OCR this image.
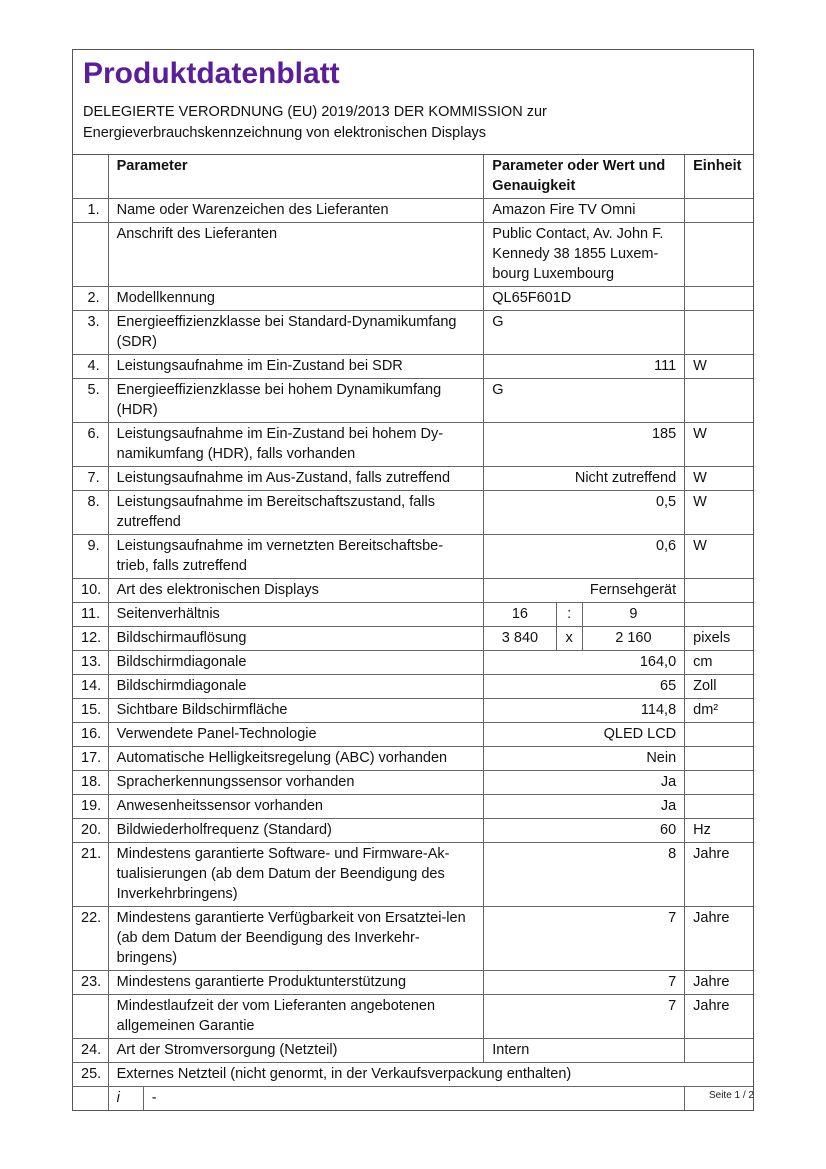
Produktdatenblatt
DELEGIERTE VERORDNUNG (EU) 2019/2013 DER KOMMISSION zur
Energieverbrauchskennzeichnung von elektronischen Displays
	Parameter		Parameter oder Wert und
Genauigkeit			Einheit
1.	Name oder Warenzeichen des Lieferanten		Amazon Fire TV Omni			
	Anschrift des Lieferanten		Public Contact, Av. John F. Kennedy 38 1855 Luxem-bourg Luxembourg			
2.	Modellkennung		QL65F601D			
3.	Energieeffizienzklasse bei Standard-Dynamikumfang (SDR)		G			
4.	Leistungsaufnahme im Ein-Zustand bei SDR		111			W
5.	Energieeffizienzklasse bei hohem Dynamikumfang (HDR)		G			
6.	Leistungsaufnahme im Ein-Zustand bei hohem Dy-namikumfang (HDR), falls vorhanden		185			W
7.	Leistungsaufnahme im Aus-Zustand, falls zutreffend		Nicht zutreffend			W
8.	Leistungsaufnahme im Bereitschaftszustand, falls zutreffend		0,5			W
9.	Leistungsaufnahme im vernetzten Bereitschaftsbe-trieb, falls zutreffend		0,6			W
10.	Art des elektronischen Displays		Fernsehgerät			
11.	Seitenverhältnis		16	:	9	
12.	Bildschirmauflösung		3 840	x	2 160	pixels
13.	Bildschirmdiagonale		164,0			cm
14.	Bildschirmdiagonale		65			Zoll
15.	Sichtbare Bildschirmfläche		114,8			dm²
16.	Verwendete Panel-Technologie		QLED LCD			
17.	Automatische Helligkeitsregelung (ABC) vorhanden		Nein			
18.	Spracherkennungssensor vorhanden		Ja			
19.	Anwesenheitssensor vorhanden		Ja			
20.	Bildwiederholfrequenz (Standard)		60			Hz
21.	Mindestens garantierte Software- und Firmware-Ak-tualisierungen (ab dem Datum der Beendigung des Inverkehrbringens)		8			Jahre
22.	Mindestens garantierte Verfügbarkeit von Ersatztei-len (ab dem Datum der Beendigung des Inverkehr-bringens)		7			Jahre
23.	Mindestens garantierte Produktunterstützung		7			Jahre
	Mindestlaufzeit der vom Lieferanten angebotenen allgemeinen Garantie		7			Jahre
24.	Art der Stromversorgung (Netzteil)		Intern			
25.	Externes Netzteil (nicht genormt, in der Verkaufsverpackung enthalten)					
	i	-					Seite 1 / 2
